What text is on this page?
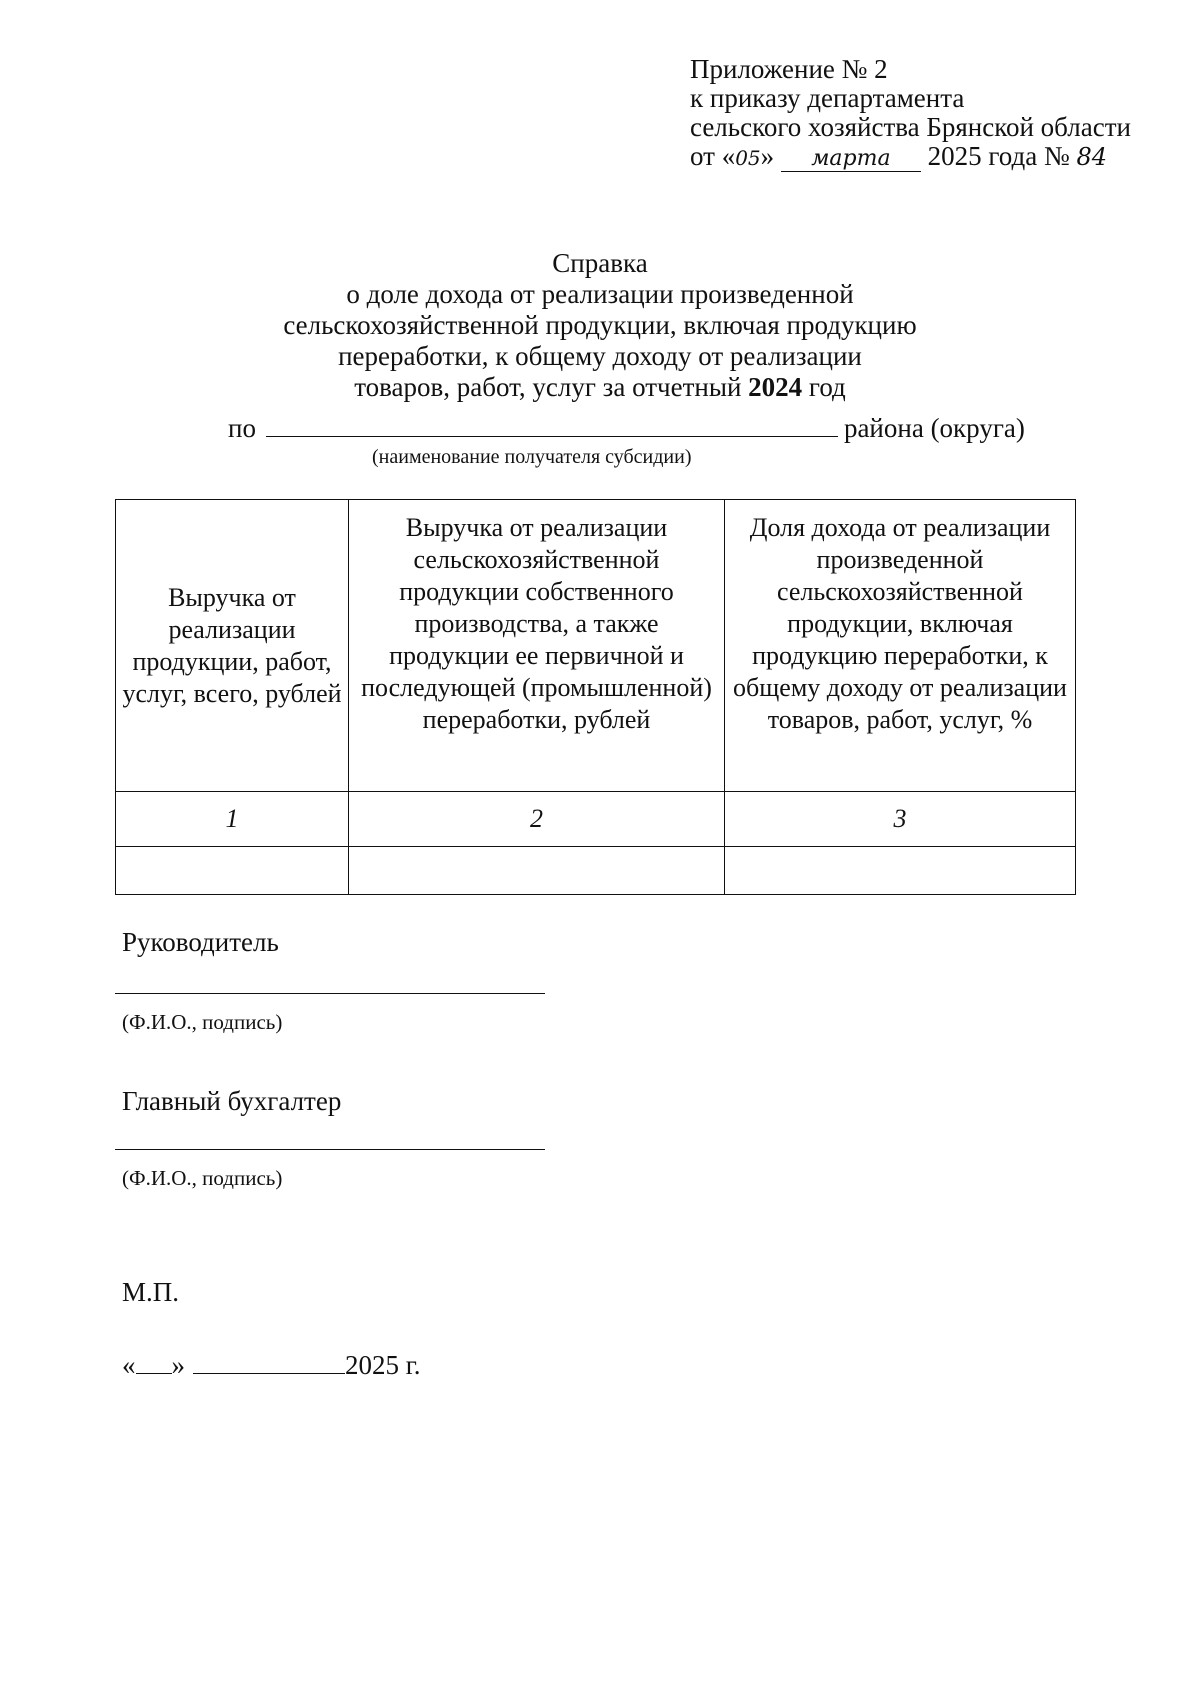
Приложение № 2
к приказу департамента
сельского хозяйства Брянской области
от «05» марта 2025 года № 84
Справка
о доле дохода от реализации произведенной
сельскохозяйственной продукции, включая продукцию
переработки, к общему доходу от реализации
товаров, работ, услуг за отчетный 2024 год
по	района (округа)
(наименование получателя субсидии)
Выручка от реализации продукции, работ, услуг, всего, рублей	Выручка от реализации сельскохозяйственной продукции собственного производства, а также продукции ее первичной и последующей (промышленной) переработки, рублей	Доля дохода от реализации произведенной сельскохозяйственной продукции, включая продукцию переработки, к общему доходу от реализации товаров, работ, услуг, %
1	2	3

Руководитель
(Ф.И.О., подпись)
Главный бухгалтер
(Ф.И.О., подпись)
М.П.
« »	2025 г.
